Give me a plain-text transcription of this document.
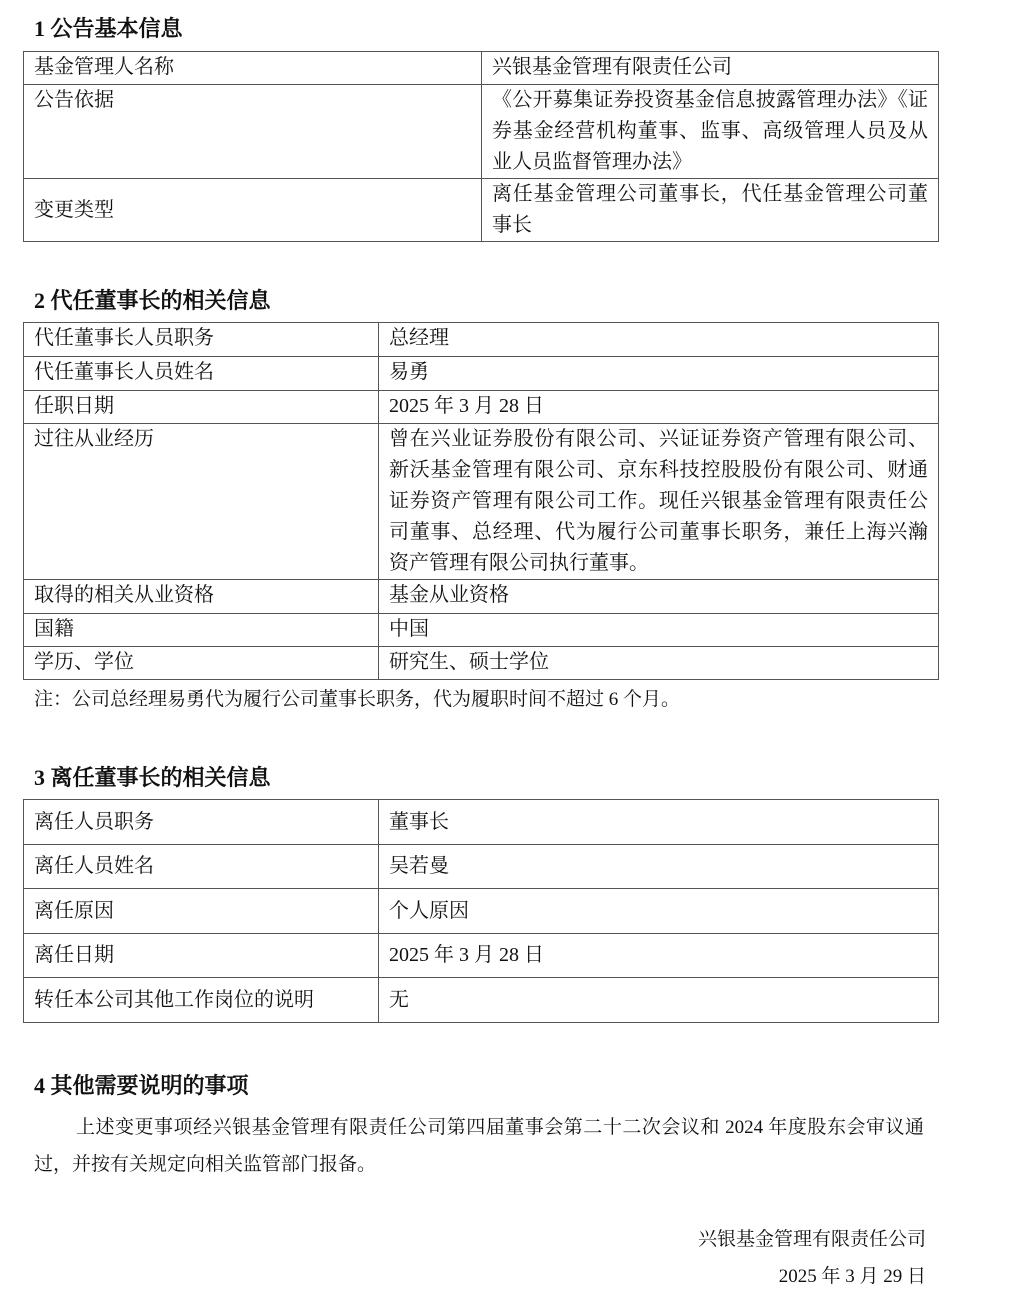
1 公告基本信息
基金管理人名称	兴银基金管理有限责任公司
公告依据	《公开募集证券投资基金信息披露管理办法》《证券基金经营机构董事、监事、高级管理人员及从业人员监督管理办法》
变更类型	离任基金管理公司董事长，代任基金管理公司董事长
2 代任董事长的相关信息
代任董事长人员职务	总经理
代任董事长人员姓名	易勇
任职日期	2025 年 3 月 28 日
过往从业经历	曾在兴业证券股份有限公司、兴证证券资产管理有限公司、新沃基金管理有限公司、京东科技控股股份有限公司、财通证券资产管理有限公司工作。现任兴银基金管理有限责任公司董事、总经理、代为履行公司董事长职务，兼任上海兴瀚资产管理有限公司执行董事。
取得的相关从业资格	基金从业资格
国籍	中国
学历、学位	研究生、硕士学位
注：公司总经理易勇代为履行公司董事长职务，代为履职时间不超过 6 个月。
3 离任董事长的相关信息
离任人员职务	董事长
离任人员姓名	吴若曼
离任原因	个人原因
离任日期	2025 年 3 月 28 日
转任本公司其他工作岗位的说明	无
4 其他需要说明的事项

上述变更事项经兴银基金管理有限责任公司第四届董事会第二十二次会议和 2024 年度股东会审议通过，并按有关规定向相关监管部门报备。

兴银基金管理有限责任公司
2025 年 3 月 29 日
